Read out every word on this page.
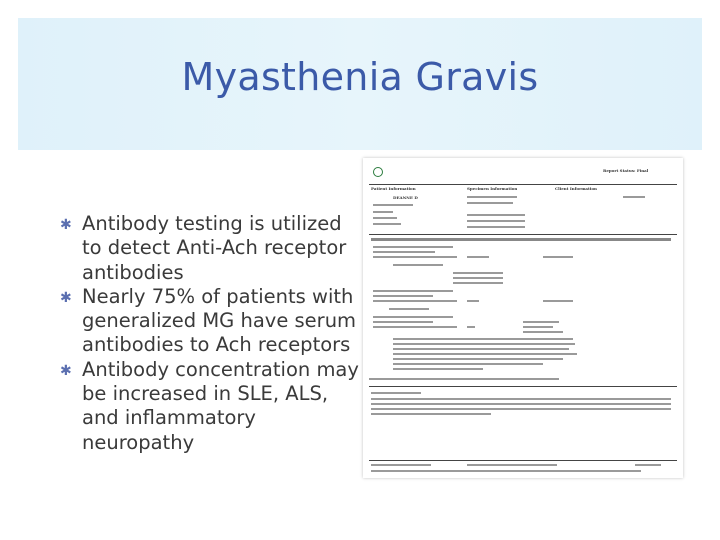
Myasthenia Gravis
✱ Antibody testing is utilized to detect Anti-Ach receptor antibodies
✱ Nearly 75% of patients with generalized MG have serum antibodies to Ach receptors
✱ Antibody concentration may be increased in SLE, ALS, and inflammatory neuropathy
Report Status: Final
Patient Information	Specimen Information	Client Information
DEANNE D
